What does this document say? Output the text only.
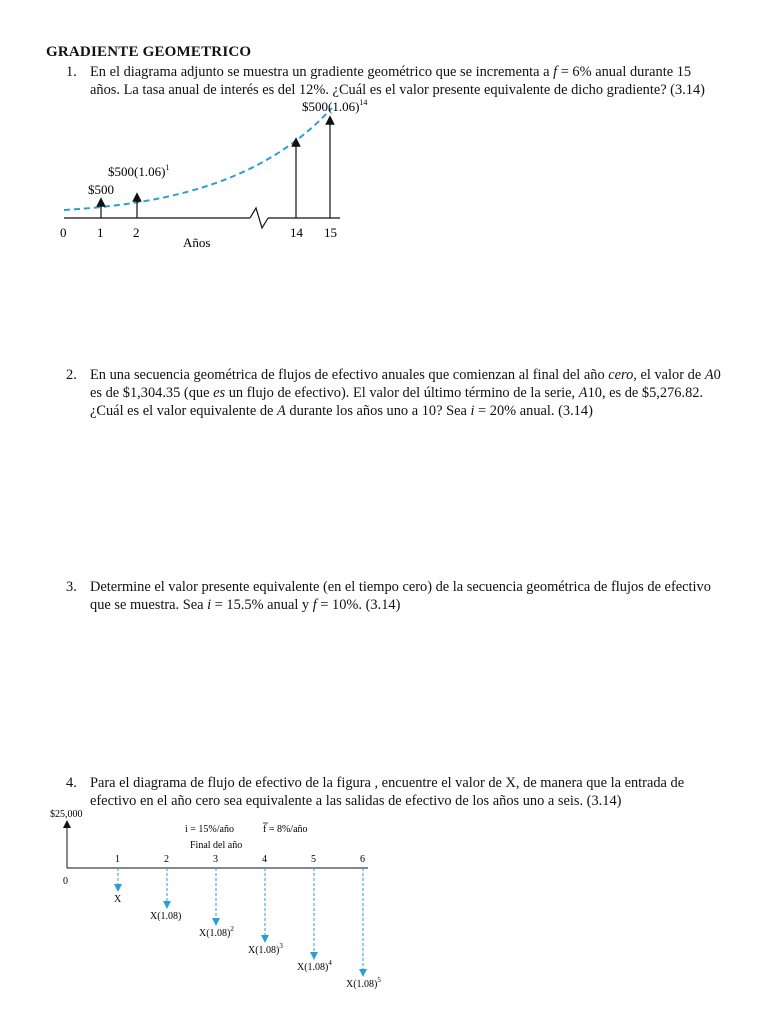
GRADIENTE GEOMETRICO
1. En el diagrama adjunto se muestra un gradiente geométrico que se incrementa a f = 6% anual durante 15 años. La tasa anual de interés es del 12%. ¿Cuál es el valor presente equivalente de dicho gradiente? (3.14)
$\$500(1.06)^{14}$
$\$500(1.06)^1$
$500
0 1 2	14 15
Años
2. En una secuencia geométrica de flujos de efectivo anuales que comienzan al final del año cero, el valor de A0 es de $1,304.35 (que es un flujo de efectivo). El valor del último término de la serie, A10, es de $5,276.82. ¿Cuál es el valor equivalente de A durante los años uno a 10? Sea i = 20% anual. (3.14)
3. Determine el valor presente equivalente (en el tiempo cero) de la secuencia geométrica de flujos de efectivo que se muestra. Sea i = 15.5% anual y f = 10%. (3.14)
4. Para el diagrama de flujo de efectivo de la figura , encuentre el valor de X, de manera que la entrada de efectivo en el año cero sea equivalente a las salidas de efectivo de los años uno a seis. (3.14)
$25,000
i = 15%/año	f = 8%/año
Final del año
0
1	2	3	4	5	6
X
X(1.08)
$X(1.08)^2$
$X(1.08)^3$
$X(1.08)^4$
$X(1.08)^5$
